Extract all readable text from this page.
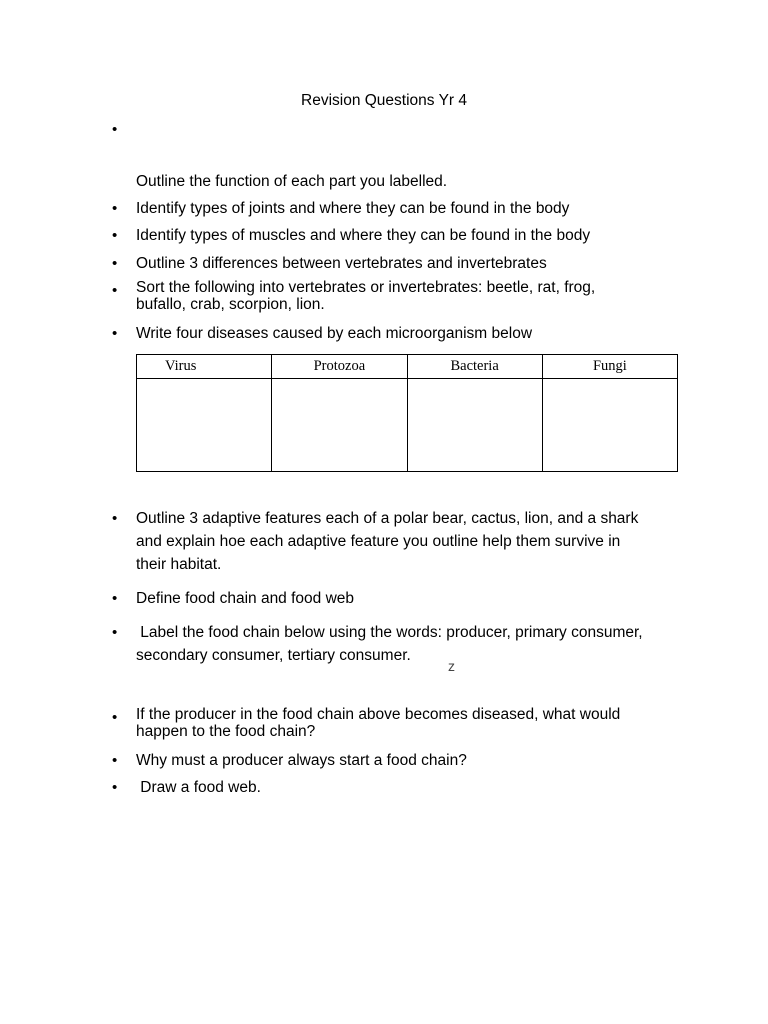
Revision Questions Yr 4
•
•
•
•
•
•
•
•
•
•
•
•
Outline the function of each part you labelled.
Identify types of joints and where they can be found in the body
Identify types of muscles and where they can be found in the body
Outline 3 differences between vertebrates and invertebrates
Sort the following into vertebrates or invertebrates: beetle, rat, frog,
bufallo, crab, scorpion, lion.
Write four diseases caused by each microorganism below
Virus	Protozoa	Bacteria	Fungi

Outline 3 adaptive features each of a polar bear, cactus, lion, and a shark
and explain hoe each adaptive feature you outline help them survive in
their habitat.
Define food chain and food web
Label the food chain below using the words: producer, primary consumer,
secondary consumer, tertiary consumer.
z
If the producer in the food chain above becomes diseased, what would
happen to the food chain?
Why must a producer always start a food chain?
Draw a food web.
